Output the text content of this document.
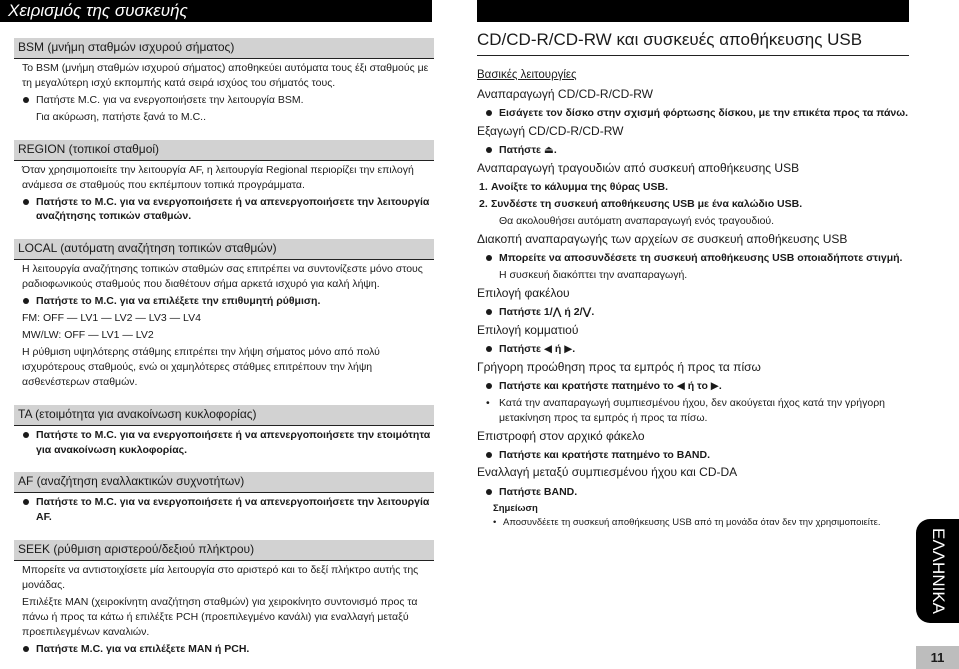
Χειρισμός της συσκευής
BSM (μνήμη σταθμών ισχυρού σήματος)
Το BSM (μνήμη σταθμών ισχυρού σήματος) αποθηκεύει αυτόματα τους έξι σταθμούς με τη μεγαλύτερη ισχύ εκπομπής κατά σειρά ισχύος του σήματός τους.
Πατήστε M.C. για να ενεργοποιήσετε την λειτουργία BSM.
Για ακύρωση, πατήστε ξανά το M.C..
REGION (τοπικοί σταθμοί)
Όταν χρησιμοποιείτε την λειτουργία AF, η λειτουργία Regional περιορίζει την επιλογή ανάμεσα σε σταθμούς που εκπέμπουν τοπικά προγράμματα.
Πατήστε το M.C. για να ενεργοποιήσετε ή να απενεργοποιήσετε την λειτουργία αναζήτησης τοπικών σταθμών.
LOCAL (αυτόματη αναζήτηση τοπικών σταθμών)
Η λειτουργία αναζήτησης τοπικών σταθμών σας επιτρέπει να συντονίζεστε μόνο στους ραδιοφωνικούς σταθμούς που διαθέτουν σήμα αρκετά ισχυρό για καλή λήψη.
Πατήστε το M.C. για να επιλέξετε την επιθυμητή ρύθμιση.
FM: OFF — LV1 — LV2 — LV3 — LV4
MW/LW: OFF — LV1 — LV2
Η ρύθμιση υψηλότερης στάθμης επιτρέπει την λήψη σήματος μόνο από πολύ ισχυρότερους σταθμούς, ενώ οι χαμηλότερες στάθμες επιτρέπουν την λήψη ασθενέστερων σταθμών.
TA (ετοιμότητα για ανακοίνωση κυκλοφορίας)
Πατήστε το M.C. για να ενεργοποιήσετε ή να απενεργοποιήσετε την ετοιμότητα για ανακοίνωση κυκλοφορίας.
AF (αναζήτηση εναλλακτικών συχνοτήτων)
Πατήστε το M.C. για να ενεργοποιήσετε ή να απενεργοποιήσετε την λειτουργία AF.
SEEK (ρύθμιση αριστερού/δεξιού πλήκτρου)
Μπορείτε να αντιστοιχίσετε μία λειτουργία στο αριστερό και το δεξί πλήκτρο αυτής της μονάδας.
Επιλέξτε MAN (χειροκίνητη αναζήτηση σταθμών) για χειροκίνητο συντονισμό προς τα πάνω ή προς τα κάτω ή επιλέξτε PCH (προεπιλεγμένο κανάλι) για εναλλαγή μεταξύ προεπιλεγμένων καναλιών.
Πατήστε M.C. για να επιλέξετε MAN ή PCH.
CD/CD-R/CD-RW και συσκευές αποθήκευσης USB
Βασικές λειτουργίες
Αναπαραγωγή CD/CD-R/CD-RW
Εισάγετε τον δίσκο στην σχισμή φόρτωσης δίσκου, με την επικέτα προς τα πάνω.
Εξαγωγή CD/CD-R/CD-RW
Πατήστε ⏏.
Αναπαραγωγή τραγουδιών από συσκευή αποθήκευσης USB
1. Ανοίξτε το κάλυμμα της θύρας USB.
2. Συνδέστε τη συσκευή αποθήκευσης USB με ένα καλώδιο USB.
Θα ακολουθήσει αυτόματη αναπαραγωγή ενός τραγουδιού.
Διακοπή αναπαραγωγής των αρχείων σε συσκευή αποθήκευσης USB
Μπορείτε να αποσυνδέσετε τη συσκευή αποθήκευσης USB οποιαδήποτε στιγμή.
Η συσκευή διακόπτει την αναπαραγωγή.
Επιλογή φακέλου
Πατήστε 1/⋀ ή 2/⋁.
Επιλογή κομματιού
Πατήστε ◀ ή ▶.
Γρήγορη προώθηση προς τα εμπρός ή προς τα πίσω
Πατήστε και κρατήστε πατημένο το ◀ ή το ▶.
• Κατά την αναπαραγωγή συμπιεσμένου ήχου, δεν ακούγεται ήχος κατά την γρήγορη μετακίνηση προς τα εμπρός ή προς τα πίσω.
Επιστροφή στον αρχικό φάκελο
Πατήστε και κρατήστε πατημένο το BAND.
Εναλλαγή μεταξύ συμπιεσμένου ήχου και CD-DA
Πατήστε BAND.
Σημείωση
• Αποσυνδέετε τη συσκευή αποθήκευσης USB από τη μονάδα όταν δεν την χρησιμοποιείτε.
ΕΛΛΗΝΙΚΑ
11
